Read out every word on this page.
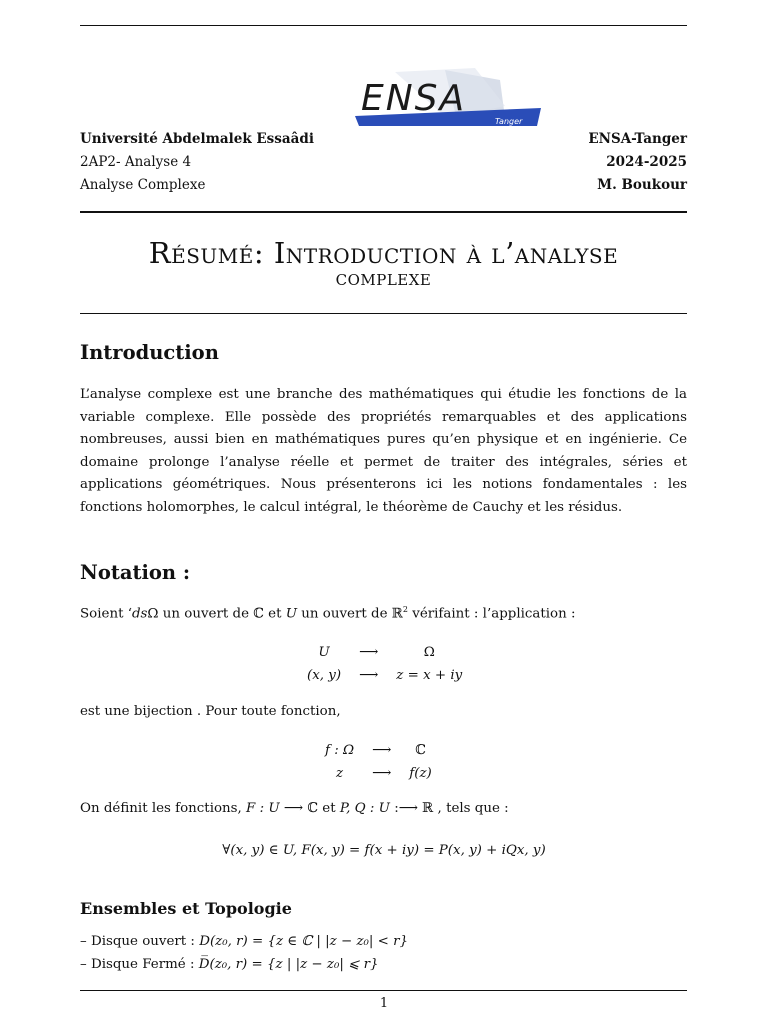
ENSA
Tanger
Université Abdelmalek Essaâdi	ENSA-Tanger
2AP2- Analyse 4	2024-2025
Analyse Complexe	M. Boukour
Résumé: Introduction à l’analyse
complexe
Introduction

L’analyse complexe est une branche des mathématiques qui étudie les fonctions de la variable complexe. Elle possède des propriétés remarquables et des applications nombreuses, aussi bien en mathématiques pures qu’en physique et en ingénierie. Ce domaine prolonge l’analyse réelle et permet de traiter des intégrales, séries et applications géométriques. Nous présenterons ici les notions fondamentales : les fonctions holomorphes, le calcul intégral, le théorème de Cauchy et les résidus.

Notation :

Soient ‘dsΩ un ouvert de ℂ et U un ouvert de ℝ$^2$ vérifaint : l’application :

U	⟶	Ω
(x, y)	⟶	z = x + iy

est une bijection . Pour toute fonction,

f : Ω	⟶	ℂ
z	⟶	f(z)

On définit les fonctions, F : U ⟶ ℂ et P, Q : U :⟶ ℝ , tels que :

∀(x, y) ∈ U, F(x, y) = f(x + iy) = P(x, y) + iQx, y)

Ensembles et Topologie

– Disque ouvert : D(z₀, r) = {z ∈ ℂ | |z − z₀| < r}

– Disque Fermé : D̅(z₀, r) = {z | |z − z₀| ⩽ r}

1
